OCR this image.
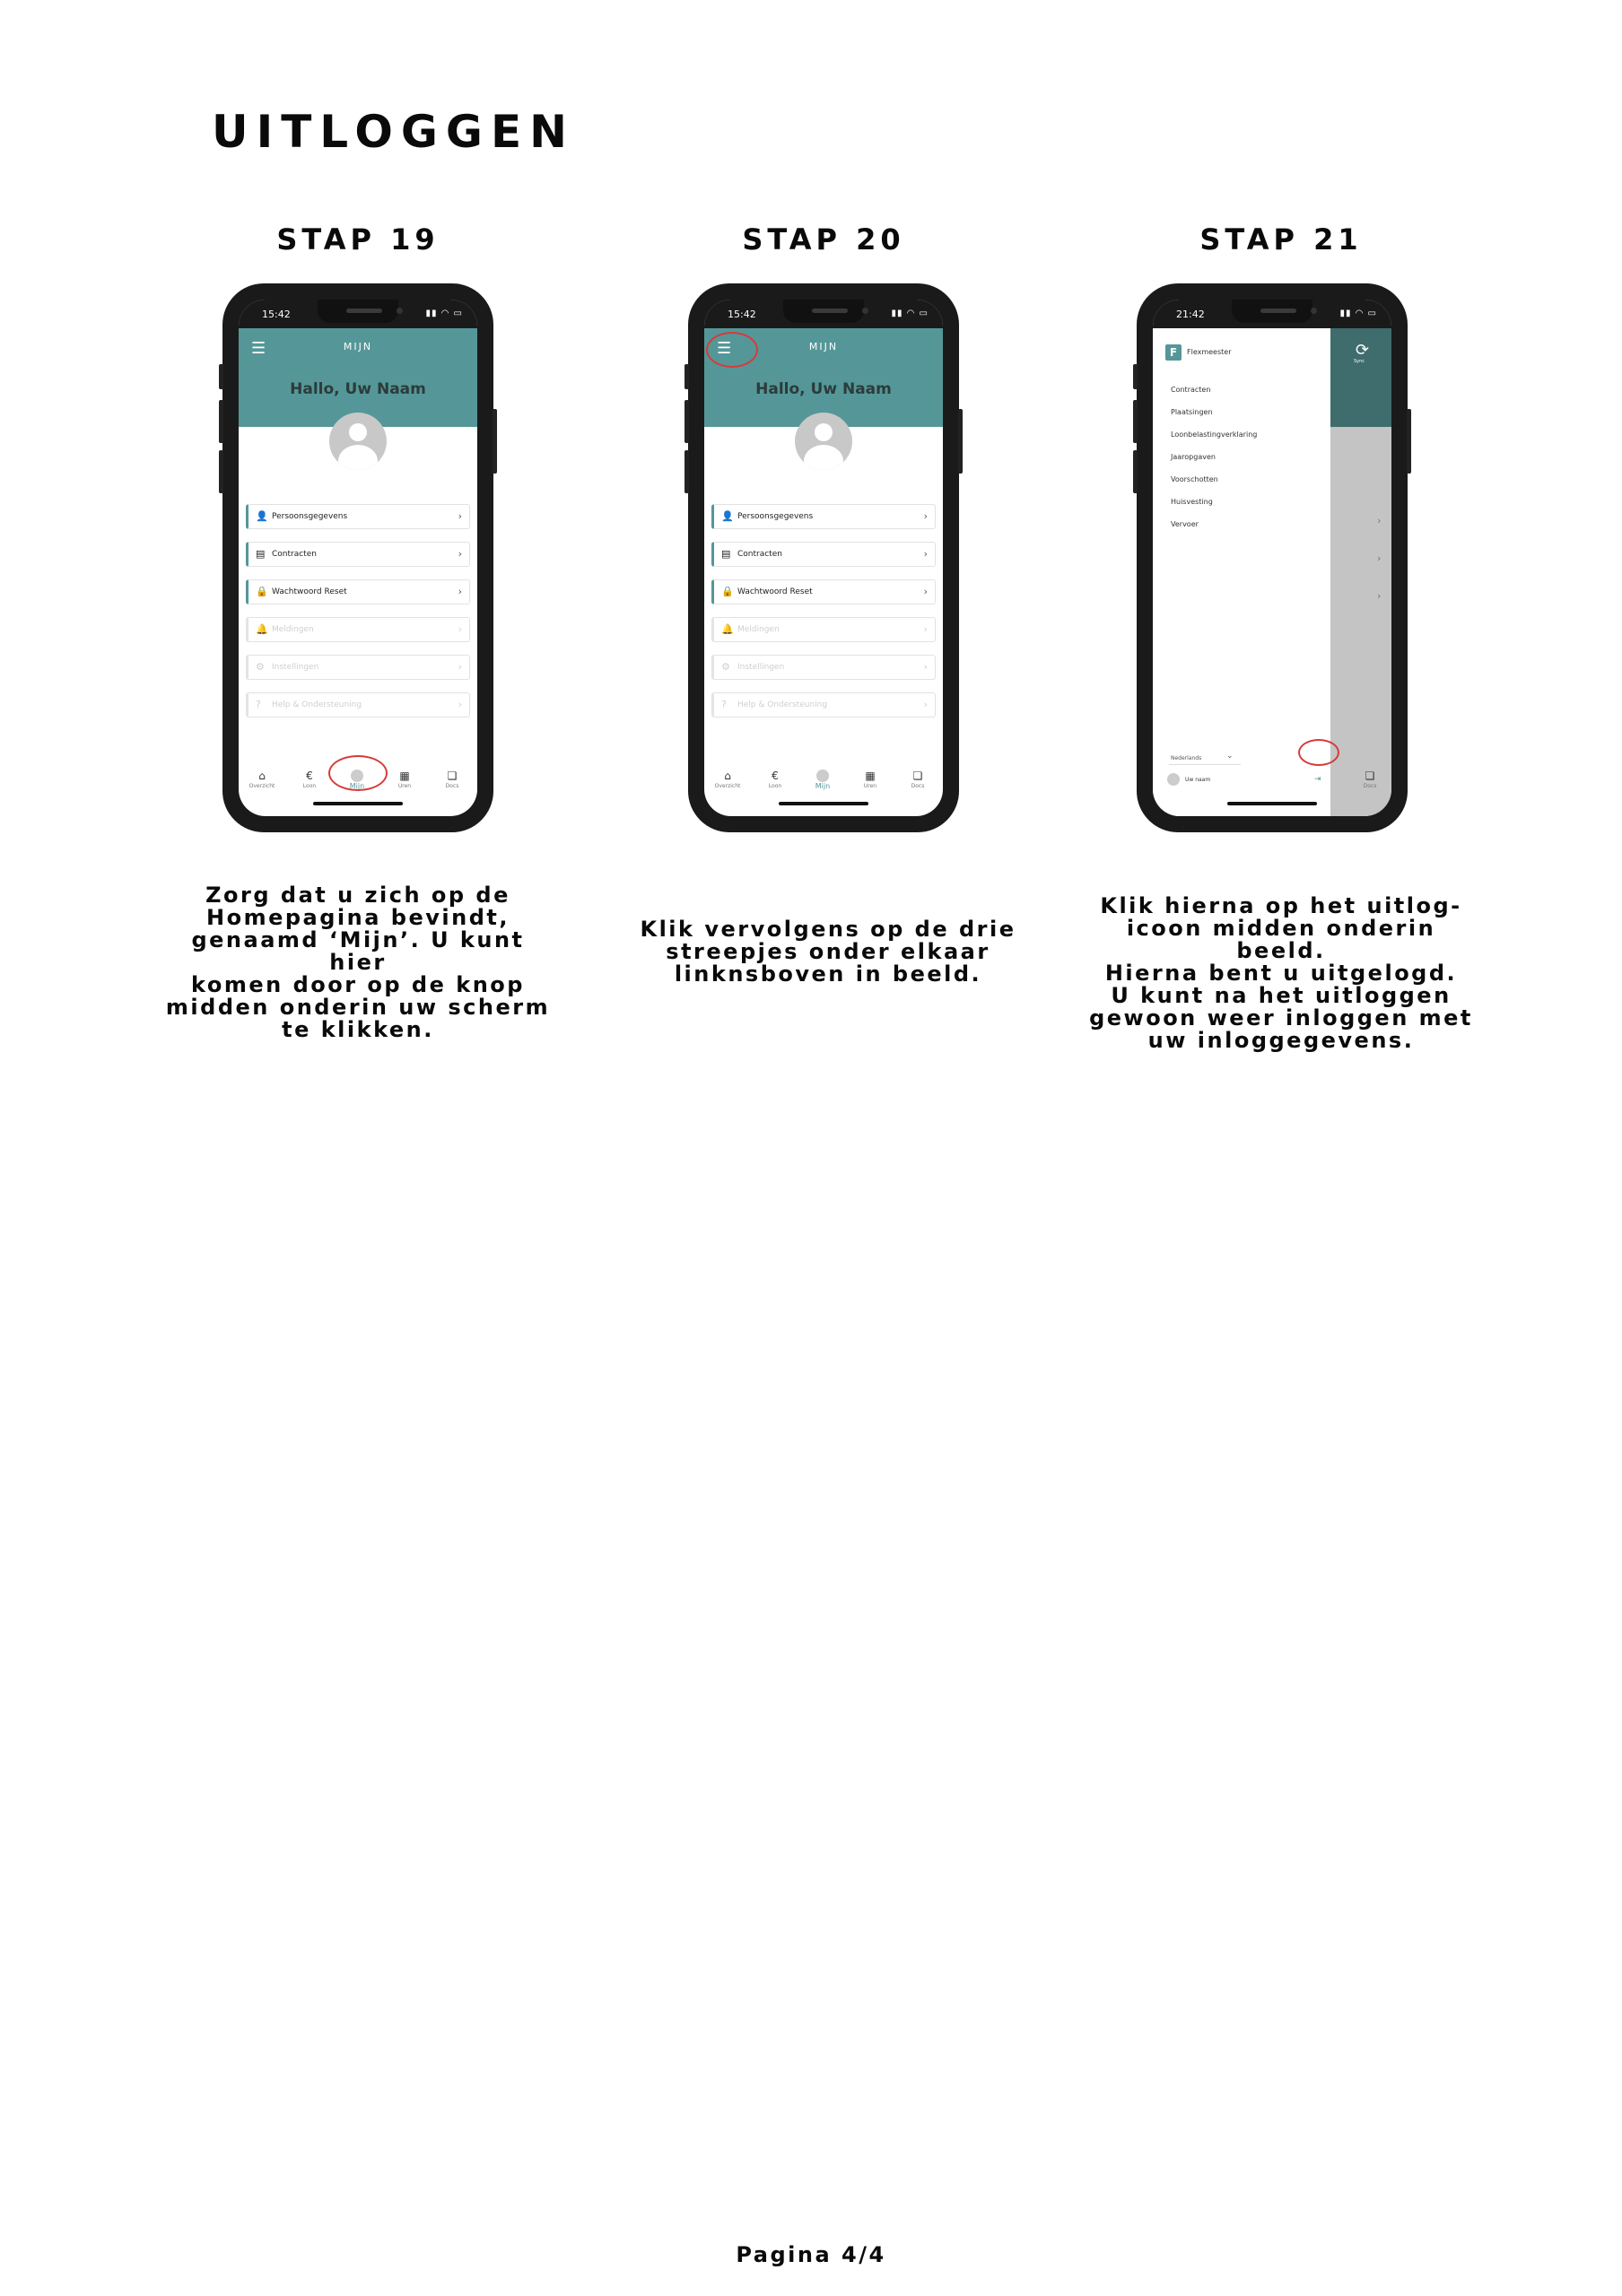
UITLOGGEN
STAP 19
15:42	▮▮ ◠ ▭
☰	MIJN
Hallo, Uw Naam
👤 Persoonsgegevens	›
▤ Contracten	›
🔒 Wachtwoord Reset	›
🔔 Meldingen	›
⚙ Instellingen	›
? Help & Ondersteuning	›
⌂
Overzicht
€
Loon	Mijn
▦
Uren
❏
Docs
Zorg dat u zich op de
Homepagina bevindt,
genaamd ‘Mijn’. U kunt hier
komen door op de knop
midden onderin uw scherm
te klikken.
STAP 20
15:42	▮▮ ◠ ▭
☰	MIJN
Hallo, Uw Naam
👤 Persoonsgegevens	›
▤ Contracten	›
🔒 Wachtwoord Reset	›
🔔 Meldingen	›
⚙ Instellingen	›
? Help & Ondersteuning	›
⌂
Overzicht
€
Loon	Mijn
▦
Uren
❏
Docs
Klik vervolgens op de drie
streepjes onder elkaar
linknsboven in beeld.
STAP 21
›
›
›
⟳
Sync
F	Flexmeester
Contracten
Plaatsingen
Loonbelastingverklaring
Jaaropgaven
Voorschotten
Huisvesting
Vervoer
Nederlands	⌄
Uw naam	⇥
21:42	▮▮ ◠ ▭
❏
Docs
Klik hierna op het uitlog-
icoon midden onderin
beeld.
Hierna bent u uitgelogd.
U kunt na het uitloggen
gewoon weer inloggen met
uw inloggegevens.
Pagina 4/4
